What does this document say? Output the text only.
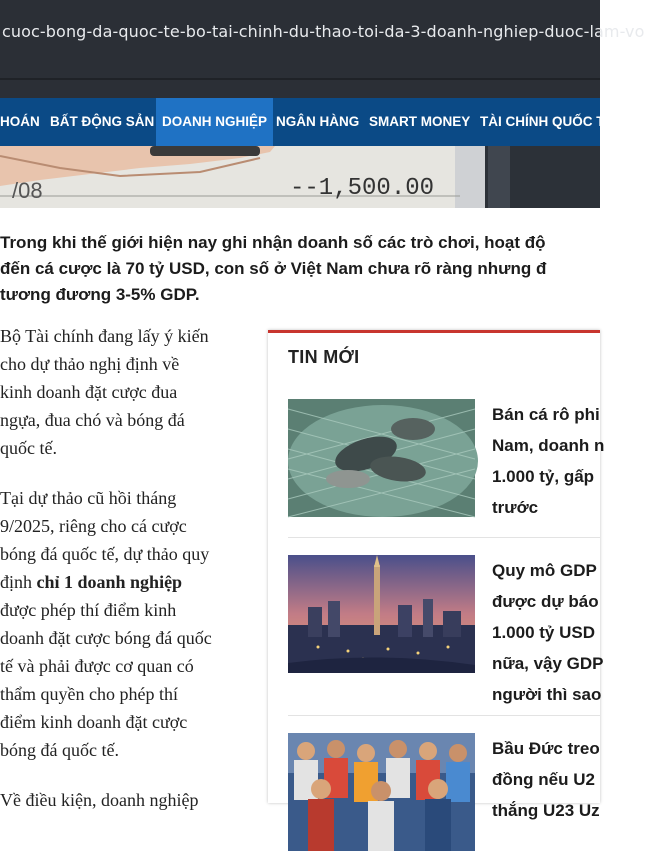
cuoc-bong-da-quoc-te-bo-tai-chinh-du-thao-toi-da-3-doanh-nghiep-duoc-lam-vo
HOÁN BẤT ĐỘNG SẢN DOANH NGHIỆP NGÂN HÀNG SMART MONEY TÀI CHÍNH QUỐC T
/08	--1,500.00
Trong khi thế giới hiện nay ghi nhận doanh số các trò chơi, hoạt độ
đến cá cược là 70 tỷ USD, con số ở Việt Nam chưa rõ ràng nhưng đ
tương đương 3-5% GDP.
Bộ Tài chính đang lấy ý kiến
cho dự thảo nghị định về
kinh doanh đặt cược đua
ngựa, đua chó và bóng đá
quốc tế.
Tại dự thảo cũ hồi tháng
9/2025, riêng cho cá cược
bóng đá quốc tế, dự thảo quy
định chỉ 1 doanh nghiệp
được phép thí điểm kinh
doanh đặt cược bóng đá quốc
tế và phải được cơ quan có
thẩm quyền cho phép thí
điểm kinh doanh đặt cược
bóng đá quốc tế.
Về điều kiện, doanh nghiệp
TIN MỚI
Bán cá rô phi
Nam, doanh n
1.000 tỷ, gấp
trước
Quy mô GDP
được dự báo
1.000 tỷ USD
nữa, vậy GDP
người thì sao
Bầu Đức treo
đồng nếu U2
thắng U23 Uz
